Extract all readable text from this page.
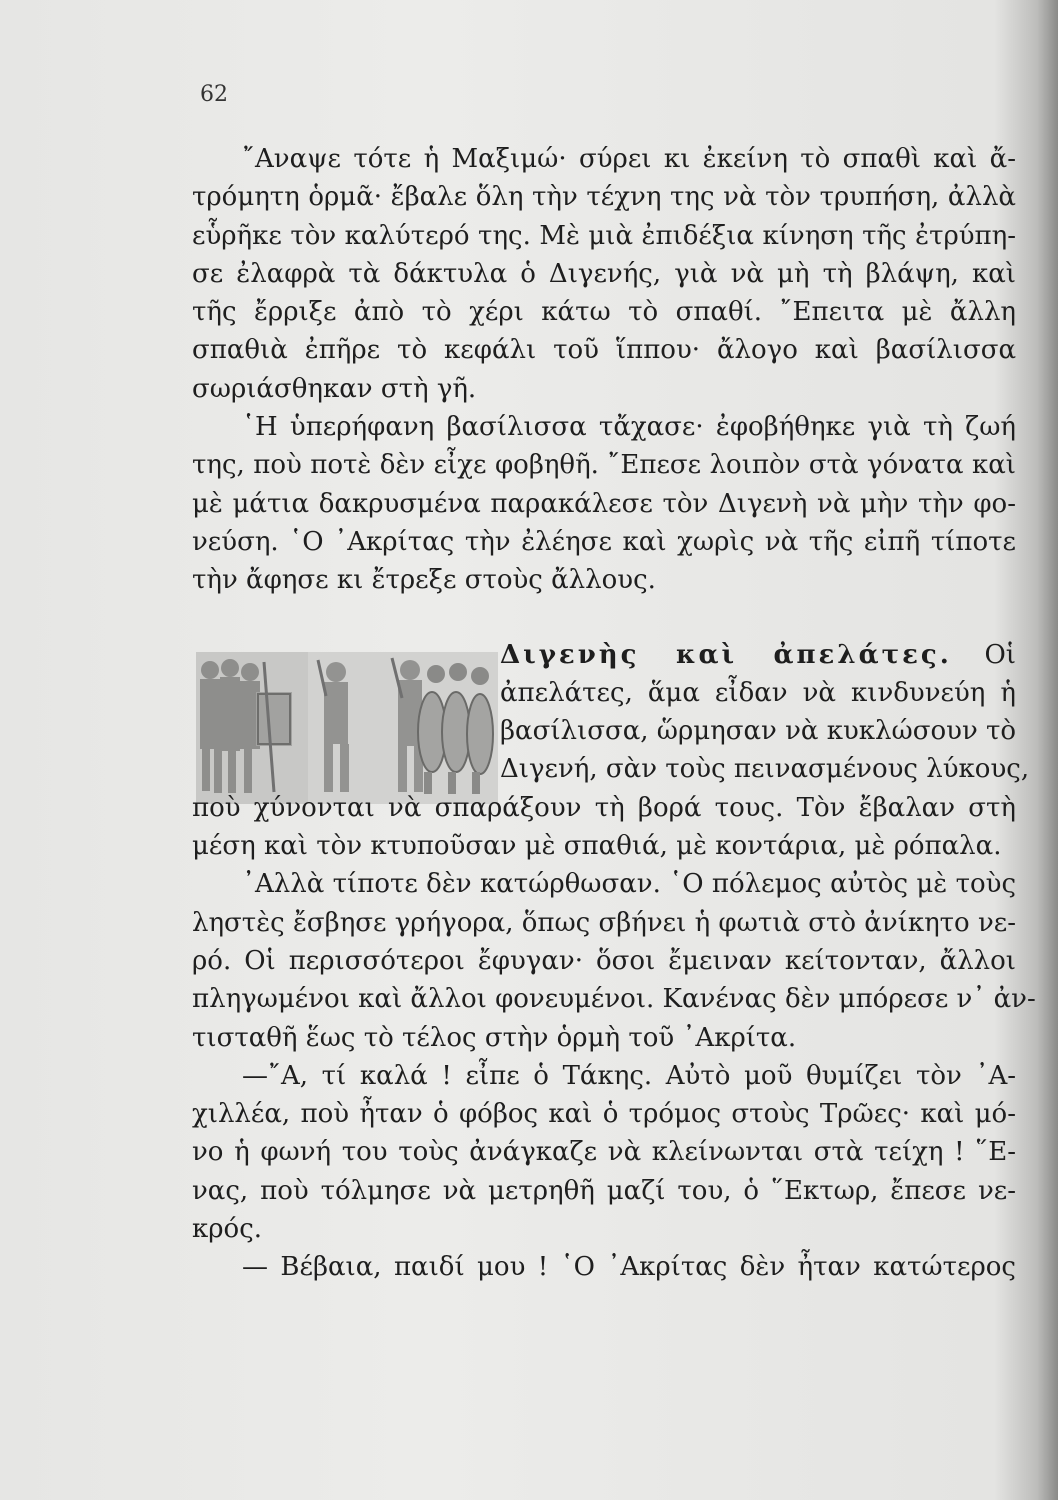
62
῎Αναψε τότε ἡ Μαξιμώ· σύρει κι ἐκείνη τὸ σπαθὶ καὶ ἄ-
τρόμητη ὁρμᾶ· ἔβαλε ὅλη τὴν τέχνη της νὰ τὸν τρυπήση, ἀλλὰ
εὗρῆκε τὸν καλύτερό της. Μὲ μιὰ ἐπιδέξια κίνηση τῆς ἐτρύπη-
σε ἐλαφρὰ τὰ δάκτυλα ὁ Διγενής, γιὰ νὰ μὴ τὴ βλάψη, καὶ
τῆς ἔρριξε ἀπὸ τὸ χέρι κάτω τὸ σπαθί. ῎Επειτα μὲ ἄλλη
σπαθιὰ ἐπῆρε τὸ κεφάλι τοῦ ἵππου· ἄλογο καὶ βασίλισσα
σωριάσθηκαν στὴ γῆ.
῾Η ὑπερήφανη βασίλισσα τἄχασε· ἐφοβήθηκε γιὰ τὴ ζωή
της, ποὺ ποτὲ δὲν εἶχε φοβηθῆ. ῎Επεσε λοιπὸν στὰ γόνατα καὶ
μὲ μάτια δακρυσμένα παρακάλεσε τὸν Διγενὴ νὰ μὴν τὴν φο-
νεύση. ῾Ο ᾿Ακρίτας τὴν ἐλέησε καὶ χωρὶς νὰ τῆς εἰπῆ τίποτε
τὴν ἄφησε κι ἔτρεξε στοὺς ἄλλους.
Διγενὴς καὶ ἀπελάτες. Οἱ
ἀπελάτες, ἅμα εἶδαν νὰ κινδυνεύη ἡ
βασίλισσα, ὥρμησαν νὰ κυκλώσουν τὸ
Διγενή, σὰν τοὺς πεινασμένους λύκους,
ποὺ χύνονται νὰ σπαράξουν τὴ βορά τους. Τὸν ἔβαλαν στὴ
μέση καὶ τὸν κτυποῦσαν μὲ σπαθιά, μὲ κοντάρια, μὲ ρόπαλα.
᾿Αλλὰ τίποτε δὲν κατώρθωσαν. ῾Ο πόλεμος αὐτὸς μὲ τοὺς
ληστὲς ἔσβησε γρήγορα, ὅπως σβήνει ἡ φωτιὰ στὸ ἀνίκητο νε-
ρό. Οἱ περισσότεροι ἔφυγαν· ὅσοι ἔμειναν κείτονταν, ἄλλοι
πληγωμένοι καὶ ἄλλοι φονευμένοι. Κανένας δὲν μπόρεσε ν᾿ ἀν-
τισταθῆ ἕως τὸ τέλος στὴν ὁρμὴ τοῦ ᾿Ακρίτα.
—῎Α, τί καλά ! εἶπε ὁ Τάκης. Αὐτὸ μοῦ θυμίζει τὸν ᾿Α-
χιλλέα, ποὺ ἦταν ὁ φόβος καὶ ὁ τρόμος στοὺς Τρῶες· καὶ μό-
νο ἡ φωνή του τοὺς ἀνάγκαζε νὰ κλείνωνται στὰ τείχη ! ῞Ε-
νας, ποὺ τόλμησε νὰ μετρηθῆ μαζί του, ὁ ῞Εκτωρ, ἔπεσε νε-
κρός.
— Βέβαια, παιδί μου ! ῾Ο ᾿Ακρίτας δὲν ἦταν κατώτερος
